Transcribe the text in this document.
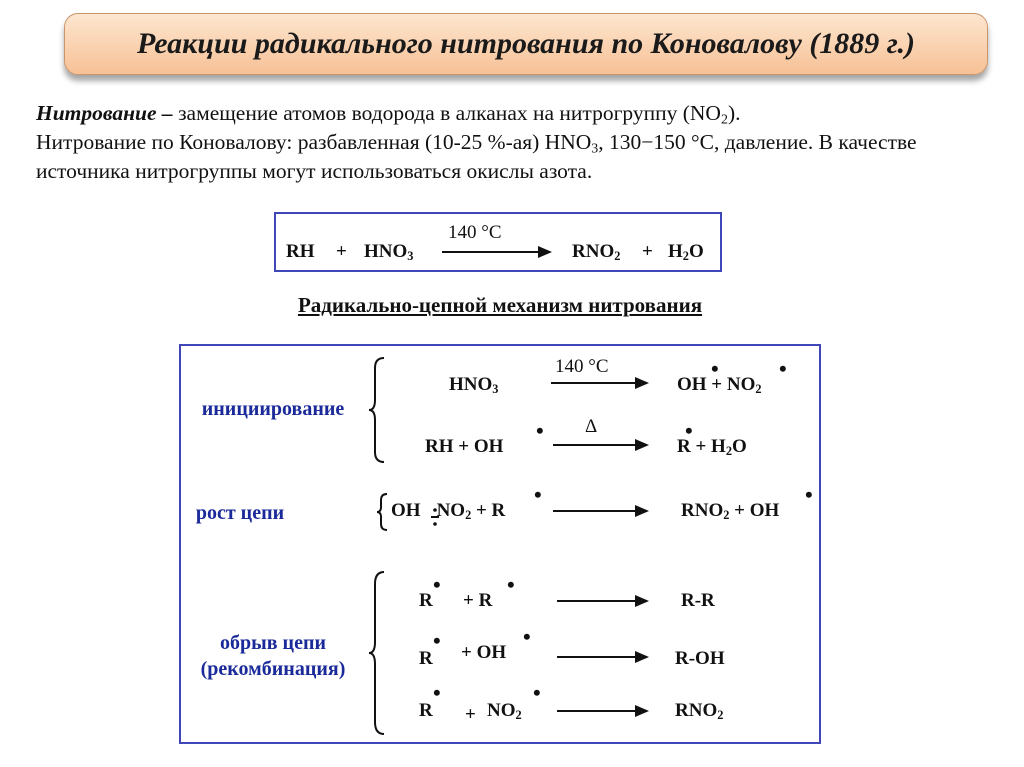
Реакции радикального нитрования по Коновалову (1889 г.)
Нитрование – замещение атомов водорода в алканах на нитрогруппу $(NO_2)$.
Нитрование по Коновалову: разбавленная (10-25 %-ая) $HNO_3$, 130−150 °С, давление. В качестве источника нитрогруппы могут использоваться окислы азота.
RH + $HNO_3$
140 °C
$RNO_2 + H_2O$
Радикально-цепной механизм нитрования
инициирование
$HNO_3$
140 °C
OH + $NO_2$
•	•
RH + OH
• Δ
$R + H_2O$
•
рост цепи	OH $NO_2 + R$
•
$RNO_2$ + OH
•
обрыв цепи
(рекомбинация)
R
•
+ R
•
R-R
R
• + OH
•
R-OH
R
•
+ $NO_2$
•
$RNO_2$
